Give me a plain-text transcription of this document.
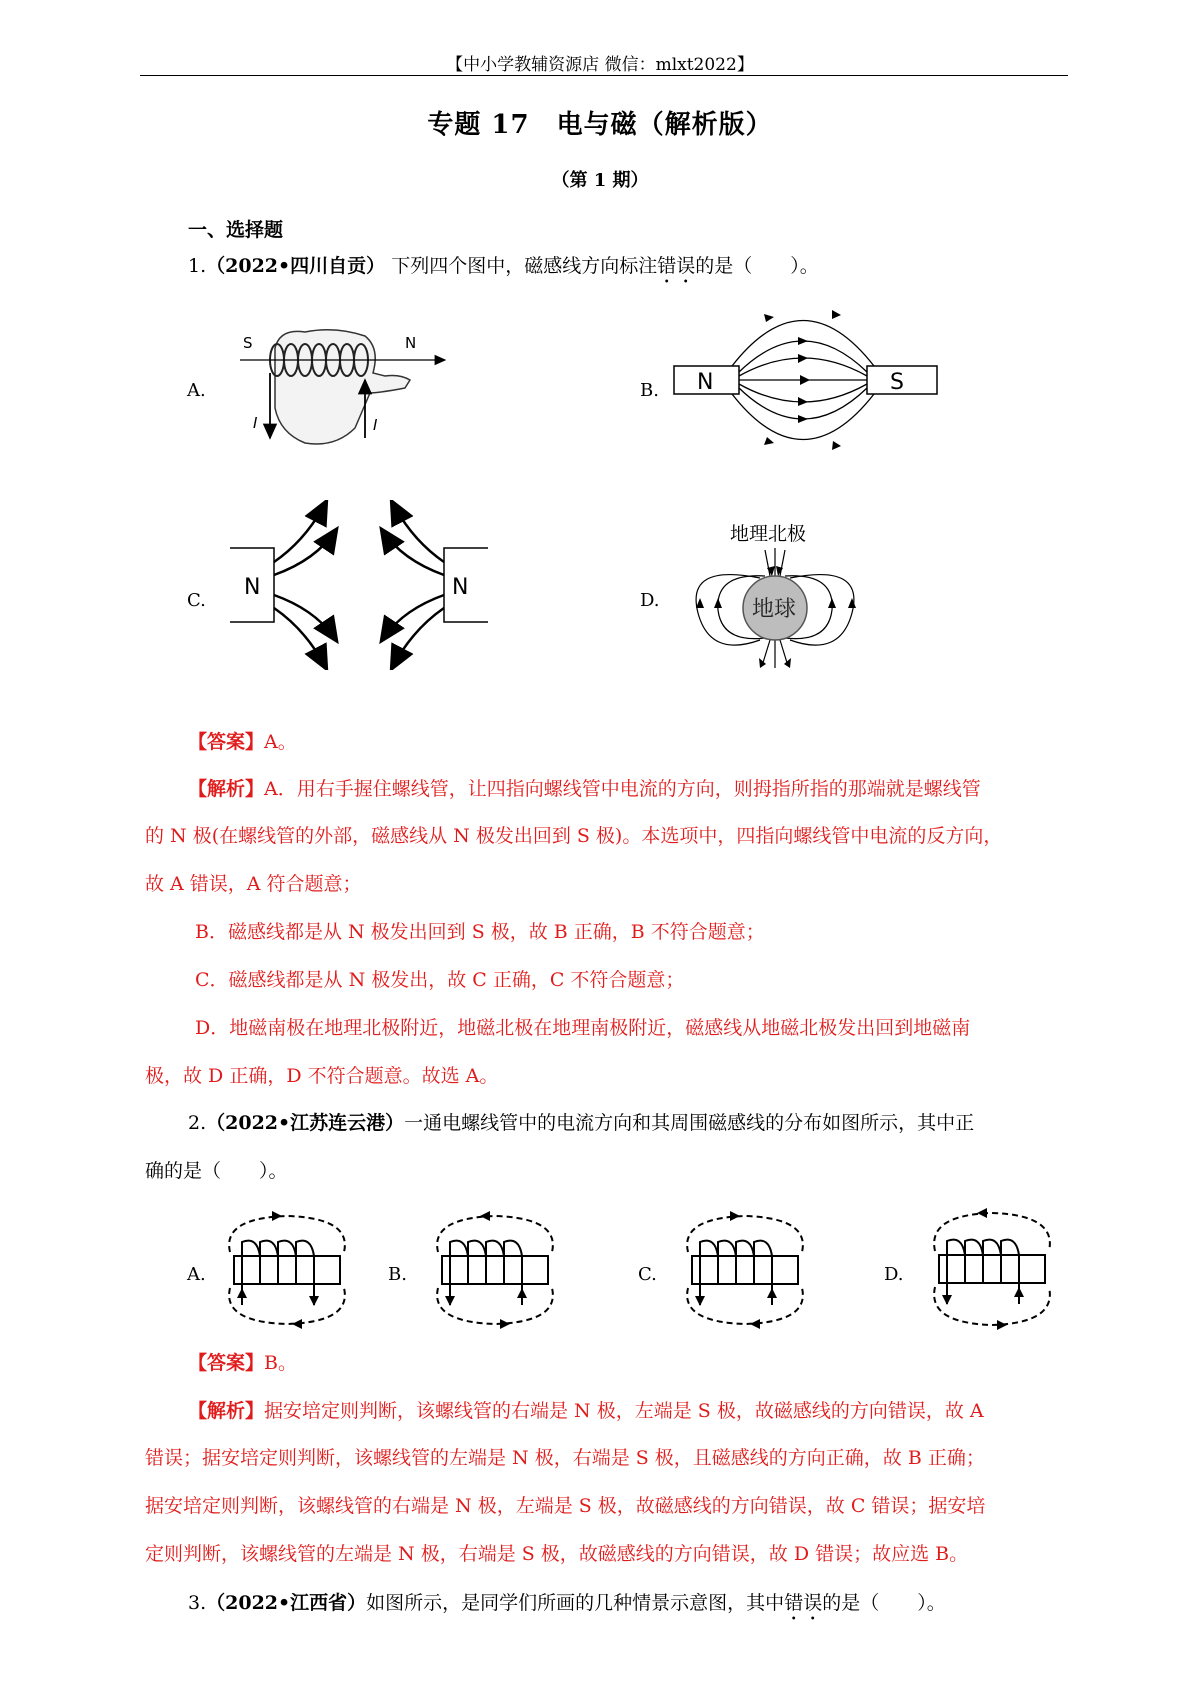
【中小学教辅资源店 微信：mlxt2022】
专题 17　电与磁（解析版）
（第 1 期）
一、选择题
1.（2022•四川自贡） 下列四个图中，磁感线方向标注错误的是（　　）。
A.	B.
C.	D.
S	N
I	I
N	S
N	N
地理北极
地球
【答案】A。
【解析】A．用右手握住螺线管，让四指向螺线管中电流的方向，则拇指所指的那端就是螺线管
的 N 极(在螺线管的外部，磁感线从 N 极发出回到 S 极)。本选项中，四指向螺线管中电流的反方向，
故 A 错误，A 符合题意；
B．磁感线都是从 N 极发出回到 S 极，故 B 正确，B 不符合题意；
C．磁感线都是从 N 极发出，故 C 正确，C 不符合题意；
D．地磁南极在地理北极附近，地磁北极在地理南极附近，磁感线从地磁北极发出回到地磁南
极，故 D 正确，D 不符合题意。故选 A。
2.（2022•江苏连云港）一通电螺线管中的电流方向和其周围磁感线的分布如图所示，其中正
确的是（　　）。
A.	B.	C.	D.
【答案】B。
【解析】据安培定则判断，该螺线管的右端是 N 极，左端是 S 极，故磁感线的方向错误，故 A
错误；据安培定则判断，该螺线管的左端是 N 极，右端是 S 极，且磁感线的方向正确，故 B 正确；
据安培定则判断，该螺线管的右端是 N 极，左端是 S 极，故磁感线的方向错误，故 C 错误；据安培
定则判断，该螺线管的左端是 N 极，右端是 S 极，故磁感线的方向错误，故 D 错误；故应选 B。
3.（2022•江西省）如图所示，是同学们所画的几种情景示意图，其中错误的是（　　）。
